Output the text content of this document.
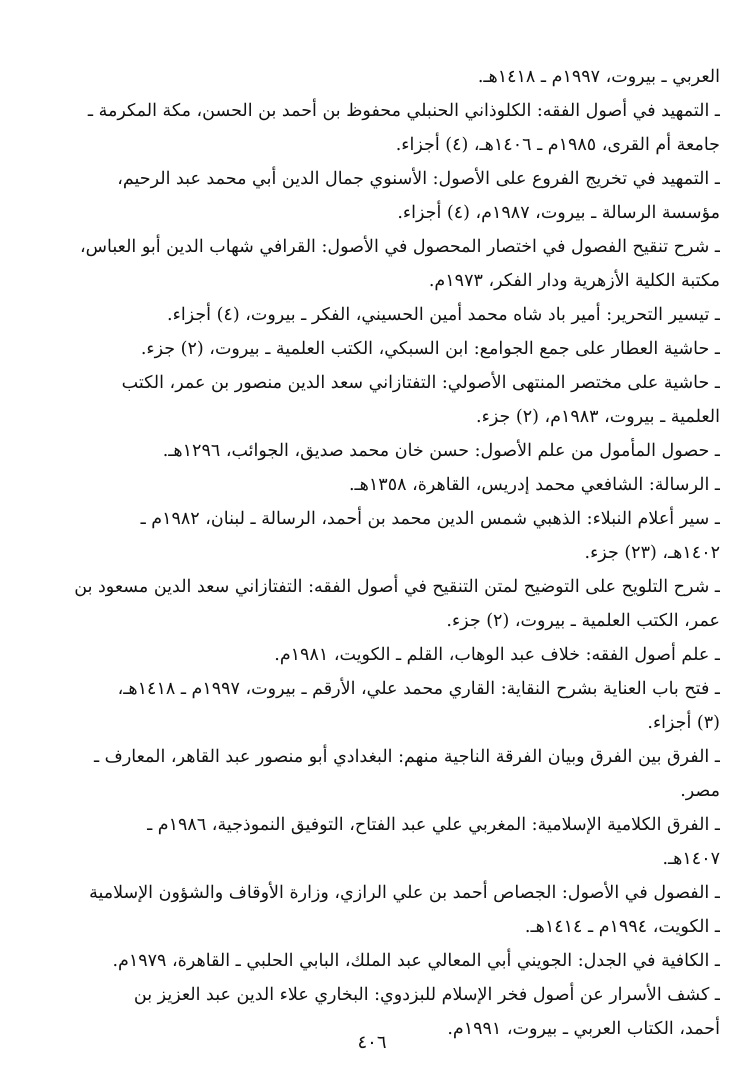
العربي ـ بيروت، ١٩٩٧م ـ ١٤١٨هـ.
ـ التمهيد في أصول الفقه: الكلوذاني الحنبلي محفوظ بن أحمد بن الحسن، مكة المكرمة ـ
جامعة أم القرى، ١٩٨٥م ـ ١٤٠٦هـ، (٤) أجزاء.
ـ التمهيد في تخريج الفروع على الأصول: الأسنوي جمال الدين أبي محمد عبد الرحيم،
مؤسسة الرسالة ـ بيروت، ١٩٨٧م، (٤) أجزاء.
ـ شرح تنقيح الفصول في اختصار المحصول في الأصول: القرافي شهاب الدين أبو العباس،
مكتبة الكلية الأزهرية ودار الفكر، ١٩٧٣م.
ـ تيسير التحرير: أمير باد شاه محمد أمين الحسيني، الفكر ـ بيروت، (٤) أجزاء.
ـ حاشية العطار على جمع الجوامع: ابن السبكي، الكتب العلمية ـ بيروت، (٢) جزء.
ـ حاشية على مختصر المنتهى الأصولي: التفتازاني سعد الدين منصور بن عمر، الكتب
العلمية ـ بيروت، ١٩٨٣م، (٢) جزء.
ـ حصول المأمول من علم الأصول: حسن خان محمد صديق، الجوائب، ١٢٩٦هـ.
ـ الرسالة: الشافعي محمد إدريس، القاهرة، ١٣٥٨هـ.
ـ سير أعلام النبلاء: الذهبي شمس الدين محمد بن أحمد، الرسالة ـ لبنان، ١٩٨٢م ـ
١٤٠٢هـ، (٢٣) جزء.
ـ شرح التلويح على التوضيح لمتن التنقيح في أصول الفقه: التفتازاني سعد الدين مسعود بن
عمر، الكتب العلمية ـ بيروت، (٢) جزء.
ـ علم أصول الفقه: خلاف عبد الوهاب، القلم ـ الكويت، ١٩٨١م.
ـ فتح باب العناية بشرح النقاية: القاري محمد علي، الأرقم ـ بيروت، ١٩٩٧م ـ ١٤١٨هـ،
(٣) أجزاء.
ـ الفرق بين الفرق وبيان الفرقة الناجية منهم: البغدادي أبو منصور عبد القاهر، المعارف ـ
مصر.
ـ الفرق الكلامية الإسلامية: المغربي علي عبد الفتاح، التوفيق النموذجية، ١٩٨٦م ـ
١٤٠٧هـ.
ـ الفصول في الأصول: الجصاص أحمد بن علي الرازي، وزارة الأوقاف والشؤون الإسلامية
ـ الكويت، ١٩٩٤م ـ ١٤١٤هـ.
ـ الكافية في الجدل: الجويني أبي المعالي عبد الملك، البابي الحلبي ـ القاهرة، ١٩٧٩م.
ـ كشف الأسرار عن أصول فخر الإسلام للبزدوي: البخاري علاء الدين عبد العزيز بن
أحمد، الكتاب العربي ـ بيروت، ١٩٩١م.
٤٠٦
